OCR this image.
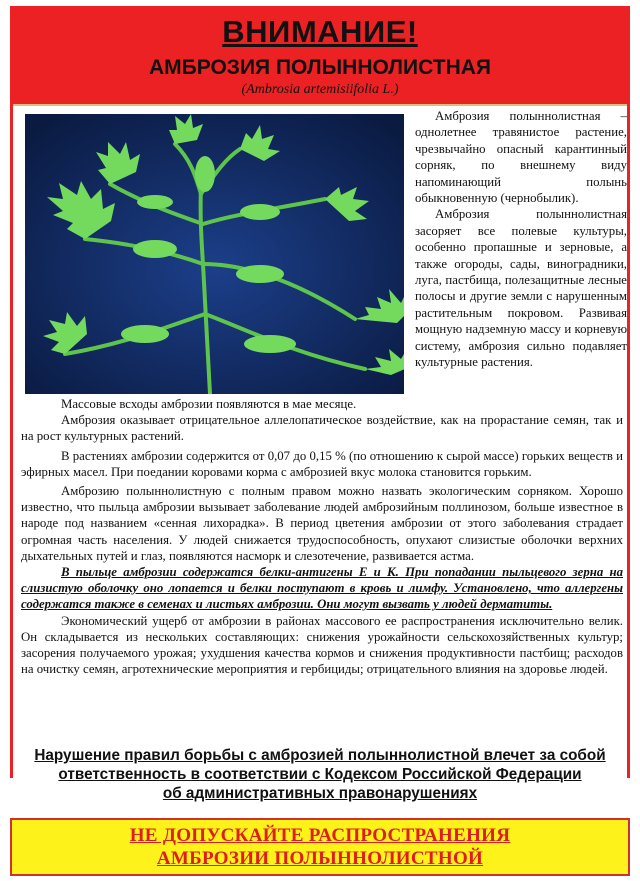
ВНИМАНИЕ!
АМБРОЗИЯ ПОЛЫННОЛИСТНАЯ
(Ambrosia artemisiifolia L.)

Амброзия полыннолистная – однолетнее травянистое растение, чрезвычайно опасный карантинный сорняк, по внешнему виду напоминающий полынь обыкновенную (чернобылик).

Амброзия полыннолистная засоряет все полевые культуры, особенно пропашные и зерновые, а также огороды, сады, виноградники, луга, пастбища, полезащитные лесные полосы и другие земли с нарушенным растительным покровом. Развивая мощную надземную массу и корневую систему, амброзия сильно подавляет культурные растения.

Массовые всходы амброзии появляются в мае месяце.

Амброзия оказывает отрицательное аллелопатическое воздействие, как на прорастание семян, так и на рост культурных растений.

В растениях амброзии содержится от 0,07 до 0,15 % (по отношению к сырой массе) горьких веществ и эфирных масел. При поедании коровами корма с амброзией вкус молока становится горьким.

Амброзию полыннолистную с полным правом можно назвать экологическим сорняком. Хорошо известно, что пыльца амброзии вызывает заболевание людей амброзийным поллинозом, больше известное в народе под названием «сенная лихорадка». В период цветения амброзии от этого заболевания страдает огромная часть населения. У людей снижается трудоспособность, опухают слизистые оболочки верхних дыхательных путей и глаз, появляются насморк и слезотечение, развивается астма.

В пыльце амброзии содержатся белки-антигены Е и К. При попадании пыльцевого зерна на слизистую оболочку оно лопается и белки поступают в кровь и лимфу. Установлено, что аллергены содержатся также в семенах и листьях амброзии. Они могут вызвать у людей дерматиты.

Экономический ущерб от амброзии в районах массового ее распространения исключительно велик. Он складывается из нескольких составляющих: снижения урожайности сельскохозяйственных культур; засорения получаемого урожая; ухудшения качества кормов и снижения продуктивности пастбищ; расходов на очистку семян, агротехнические мероприятия и гербициды; отрицательного влияния на здоровье людей.

Нарушение правил борьбы с амброзией полыннолистной влечет за собой
ответственность в соответствии с Кодексом Российской Федерации
об административных правонарушениях
НЕ ДОПУСКАЙТЕ РАСПРОСТРАНЕНИЯ
АМБРОЗИИ ПОЛЫННОЛИСТНОЙ
